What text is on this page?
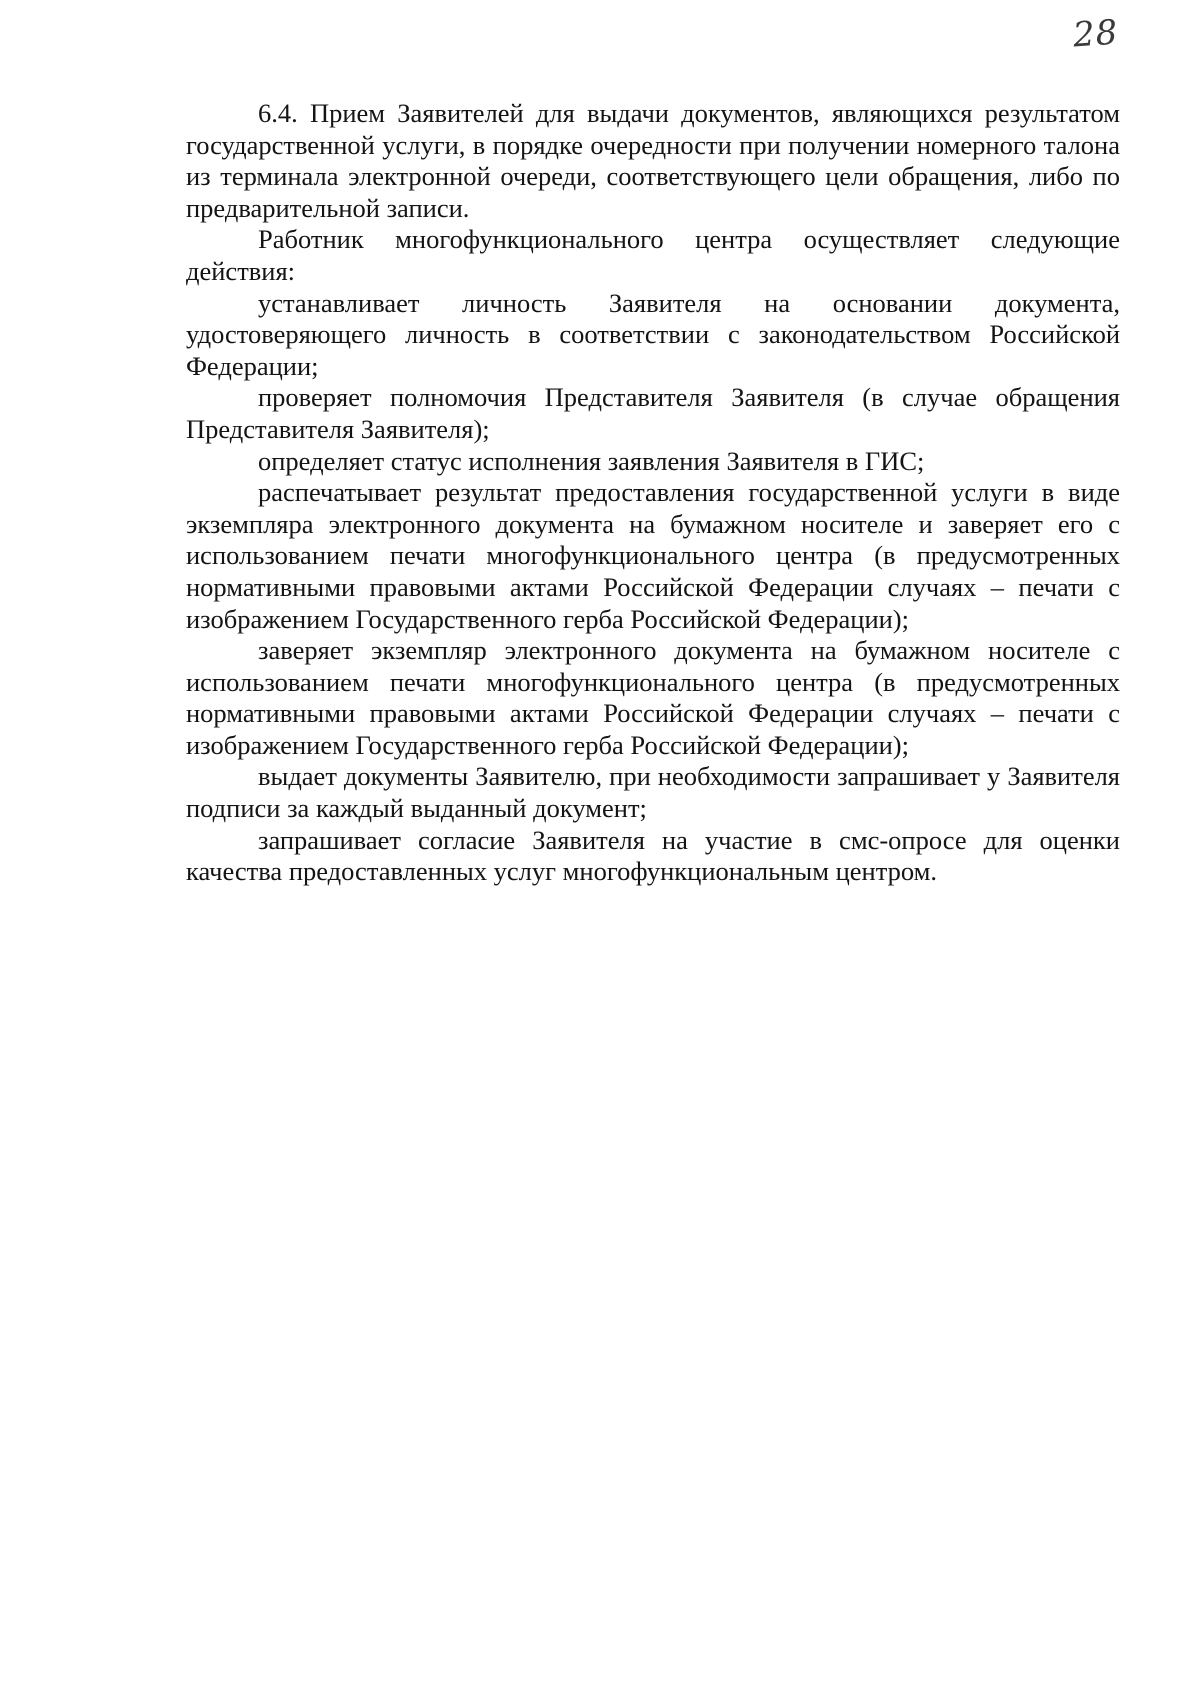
28

6.4. Прием Заявителей для выдачи документов, являющихся результатом государственной услуги, в порядке очередности при получении номерного талона из терминала электронной очереди, соответствующего цели обращения, либо по предварительной записи.

Работник многофункционального центра осуществляет следующие действия:

устанавливает личность Заявителя на основании документа, удостоверяющего личность в соответствии с законодательством Российской Федерации;

проверяет полномочия Представителя Заявителя (в случае обращения Представителя Заявителя);

определяет статус исполнения заявления Заявителя в ГИС;

распечатывает результат предоставления государственной услуги в виде экземпляра электронного документа на бумажном носителе и заверяет его с использованием печати многофункционального центра (в предусмотренных нормативными правовыми актами Российской Федерации случаях – печати с изображением Государственного герба Российской Федерации);

заверяет экземпляр электронного документа на бумажном носителе с использованием печати многофункционального центра (в предусмотренных нормативными правовыми актами Российской Федерации случаях – печати с изображением Государственного герба Российской Федерации);

выдает документы Заявителю, при необходимости запрашивает у Заявителя подписи за каждый выданный документ;

запрашивает согласие Заявителя на участие в смс-опросе для оценки качества предоставленных услуг многофункциональным центром.
